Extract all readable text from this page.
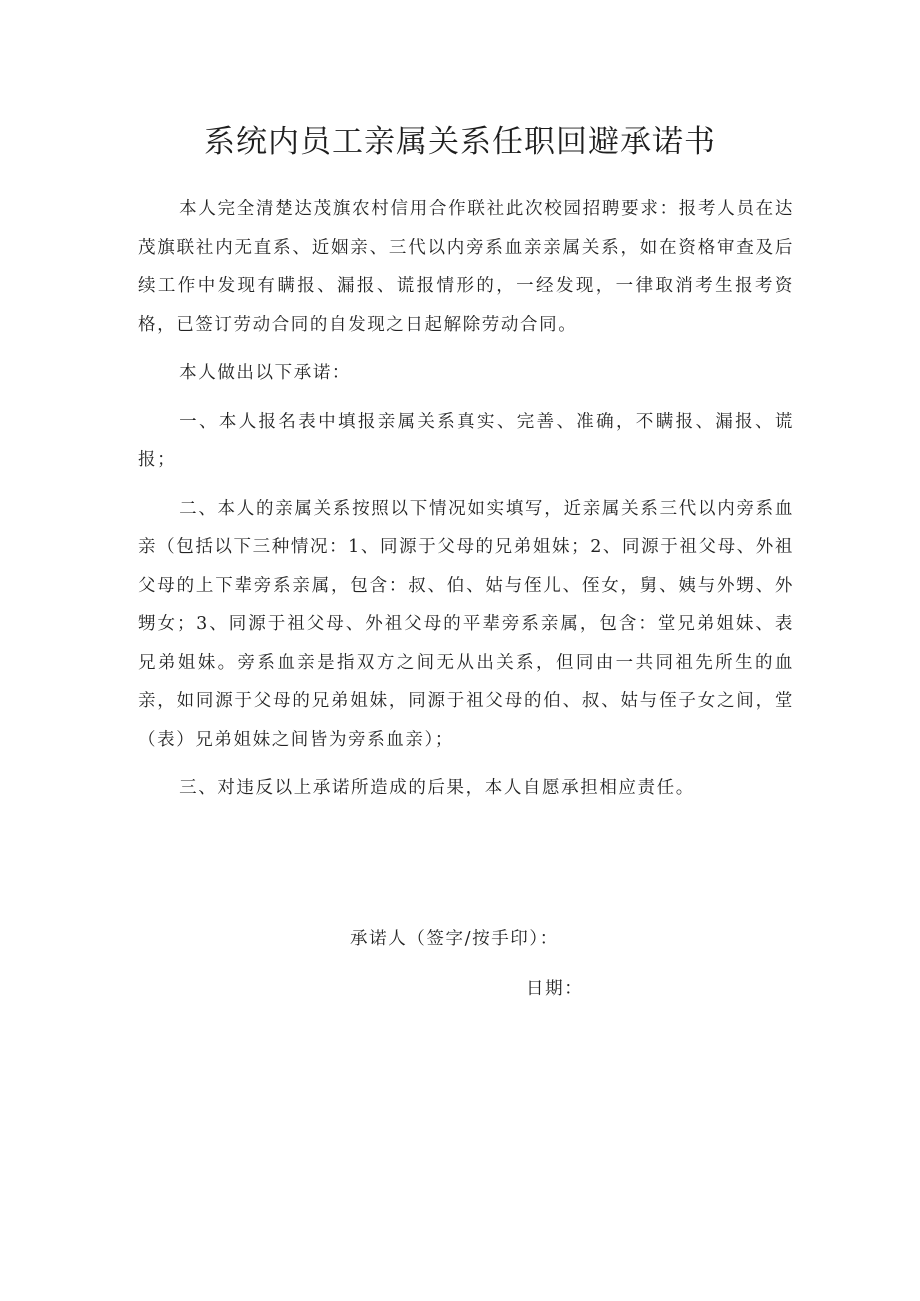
系统内员工亲属关系任职回避承诺书

本人完全清楚达茂旗农村信用合作联社此次校园招聘要求：报考人员在达茂旗联社内无直系、近姻亲、三代以内旁系血亲亲属关系，如在资格审查及后续工作中发现有瞒报、漏报、谎报情形的，一经发现，一律取消考生报考资格，已签订劳动合同的自发现之日起解除劳动合同。

本人做出以下承诺：

一、本人报名表中填报亲属关系真实、完善、准确，不瞒报、漏报、谎报；

二、本人的亲属关系按照以下情况如实填写，近亲属关系三代以内旁系血亲（包括以下三种情况：1、同源于父母的兄弟姐妹；2、同源于祖父母、外祖父母的上下辈旁系亲属，包含：叔、伯、姑与侄儿、侄女，舅、姨与外甥、外甥女；3、同源于祖父母、外祖父母的平辈旁系亲属，包含：堂兄弟姐妹、表兄弟姐妹。旁系血亲是指双方之间无从出关系，但同由一共同祖先所生的血亲，如同源于父母的兄弟姐妹，同源于祖父母的伯、叔、姑与侄子女之间，堂（表）兄弟姐妹之间皆为旁系血亲）；

三、对违反以上承诺所造成的后果，本人自愿承担相应责任。

承诺人（签字/按手印）：

日期：
